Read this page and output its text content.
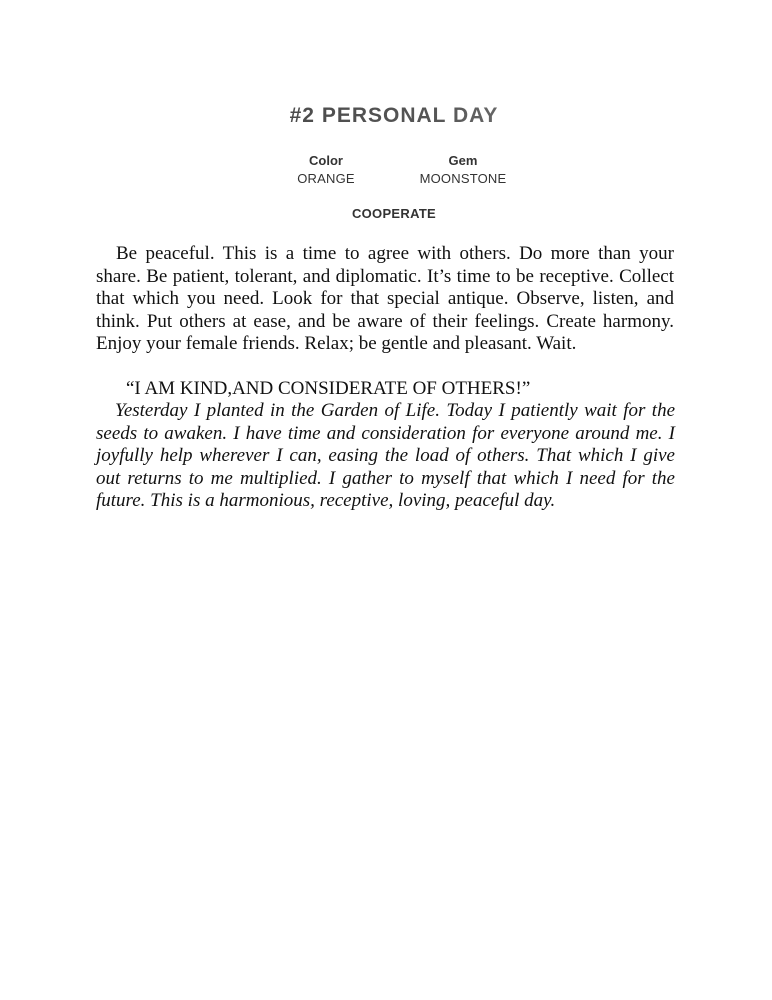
#2 PERSONAL DAY
Color
ORANGE
Gem
MOONSTONE
COOPERATE

Be peaceful. This is a time to agree with others. Do more than your share. Be patient, tolerant, and diplomatic. It’s time to be receptive. Collect that which you need. Look for that special antique. Observe, listen, and think. Put others at ease, and be aware of their feelings. Create harmony. Enjoy your female friends. Relax; be gentle and pleasant. Wait.

“I AM KIND,AND CONSIDERATE OF OTHERS!”

Yesterday I planted in the Garden of Life. Today I patiently wait for the seeds to awaken. I have time and consideration for everyone around me. I joyfully help wherever I can, easing the load of others. That which I give out returns to me multiplied. I gather to myself that which I need for the future. This is a harmonious, receptive, loving, peaceful day.
